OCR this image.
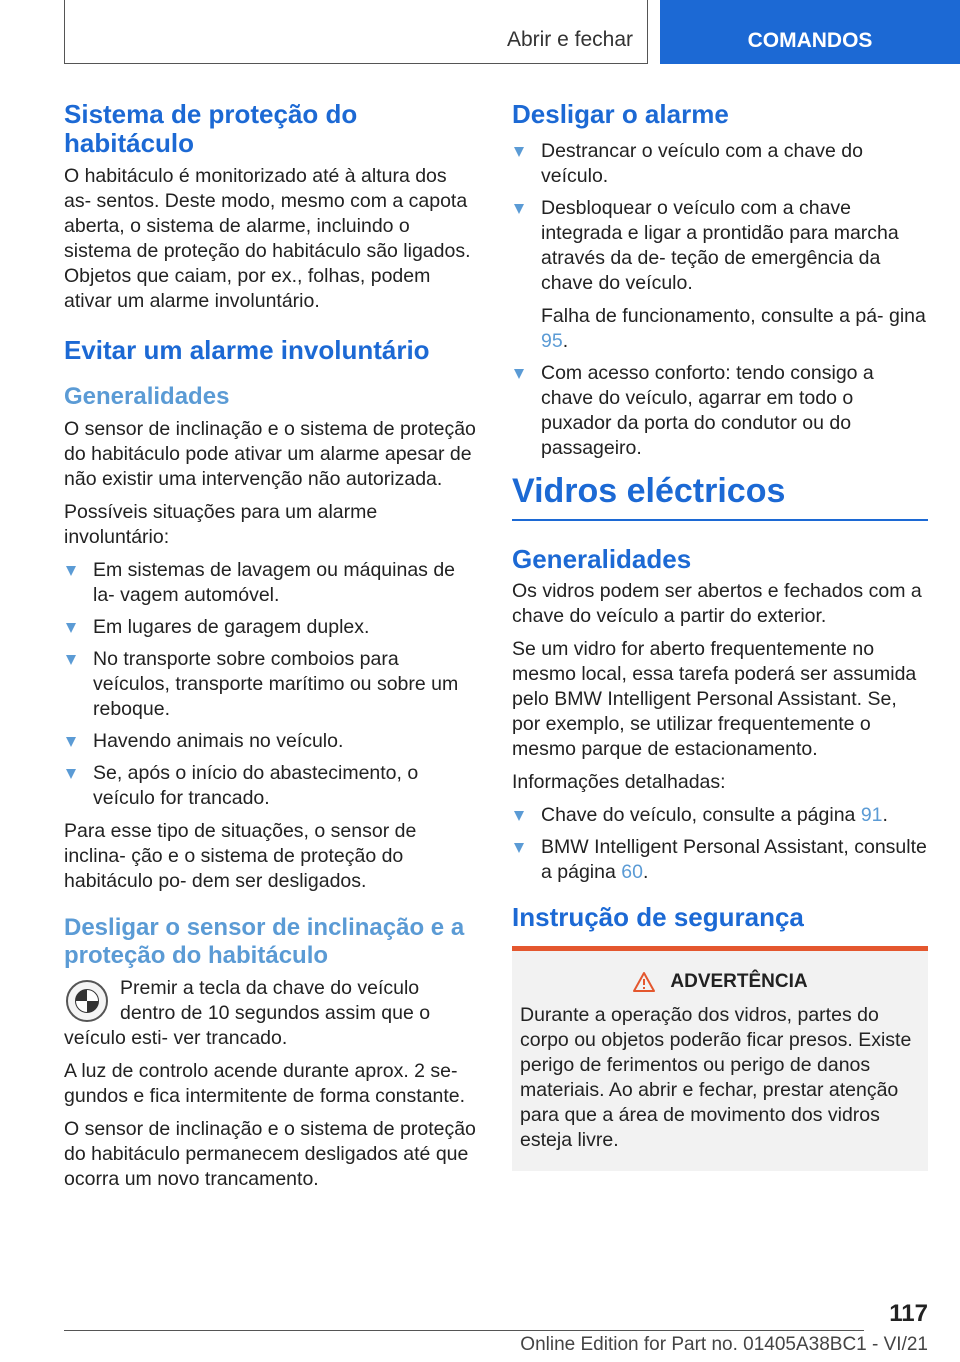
Abrir e fechar	COMANDOS
Sistema de proteção do habitáculo

O habitáculo é monitorizado até à altura dos as- sentos. Deste modo, mesmo com a capota aberta, o sistema de alarme, incluindo o sistema de proteção do habitáculo são ligados. Objetos que caiam, por ex., folhas, podem ativar um alarme involuntário.

Evitar um alarme involuntário
Generalidades

O sensor de inclinação e o sistema de proteção do habitáculo pode ativar um alarme apesar de não existir uma intervenção não autorizada.

Possíveis situações para um alarme involuntário:

Em sistemas de lavagem ou máquinas de la- vagem automóvel.
Em lugares de garagem duplex.
No transporte sobre comboios para veículos, transporte marítimo ou sobre um reboque.
Havendo animais no veículo.
Se, após o início do abastecimento, o veículo for trancado.

Para esse tipo de situações, o sensor de inclina- ção e o sistema de proteção do habitáculo po- dem ser desligados.

Desligar o sensor de inclinação e a proteção do habitáculo
Premir a tecla da chave do veículo dentro de 10 segundos assim que o veículo esti- ver trancado.

A luz de controlo acende durante aprox. 2 se- gundos e fica intermitente de forma constante.

O sensor de inclinação e o sistema de proteção do habitáculo permanecem desligados até que ocorra um novo trancamento.

Desligar o alarme
Destrancar o veículo com a chave do veículo.
Desbloquear o veículo com a chave integrada e ligar a prontidão para marcha através da de- teção de emergência da chave do veículo.
Falha de funcionamento, consulte a pá- gina 95.
Com acesso conforto: tendo consigo a chave do veículo, agarrar em todo o puxador da porta do condutor ou do passageiro.
Vidros eléctricos
Generalidades

Os vidros podem ser abertos e fechados com a chave do veículo a partir do exterior.

Se um vidro for aberto frequentemente no mesmo local, essa tarefa poderá ser assumida pelo BMW Intelligent Personal Assistant. Se, por exemplo, se utilizar frequentemente o mesmo parque de estacionamento.

Informações detalhadas:

Chave do veículo, consulte a página 91.
BMW Intelligent Personal Assistant, consulte a página 60.
Instrução de segurança
ADVERTÊNCIA

Durante a operação dos vidros, partes do corpo ou objetos poderão ficar presos. Existe perigo de ferimentos ou perigo de danos materiais. Ao abrir e fechar, prestar atenção para que a área de movimento dos vidros esteja livre.

117
Online Edition for Part no. 01405A38BC1 - VI/21
